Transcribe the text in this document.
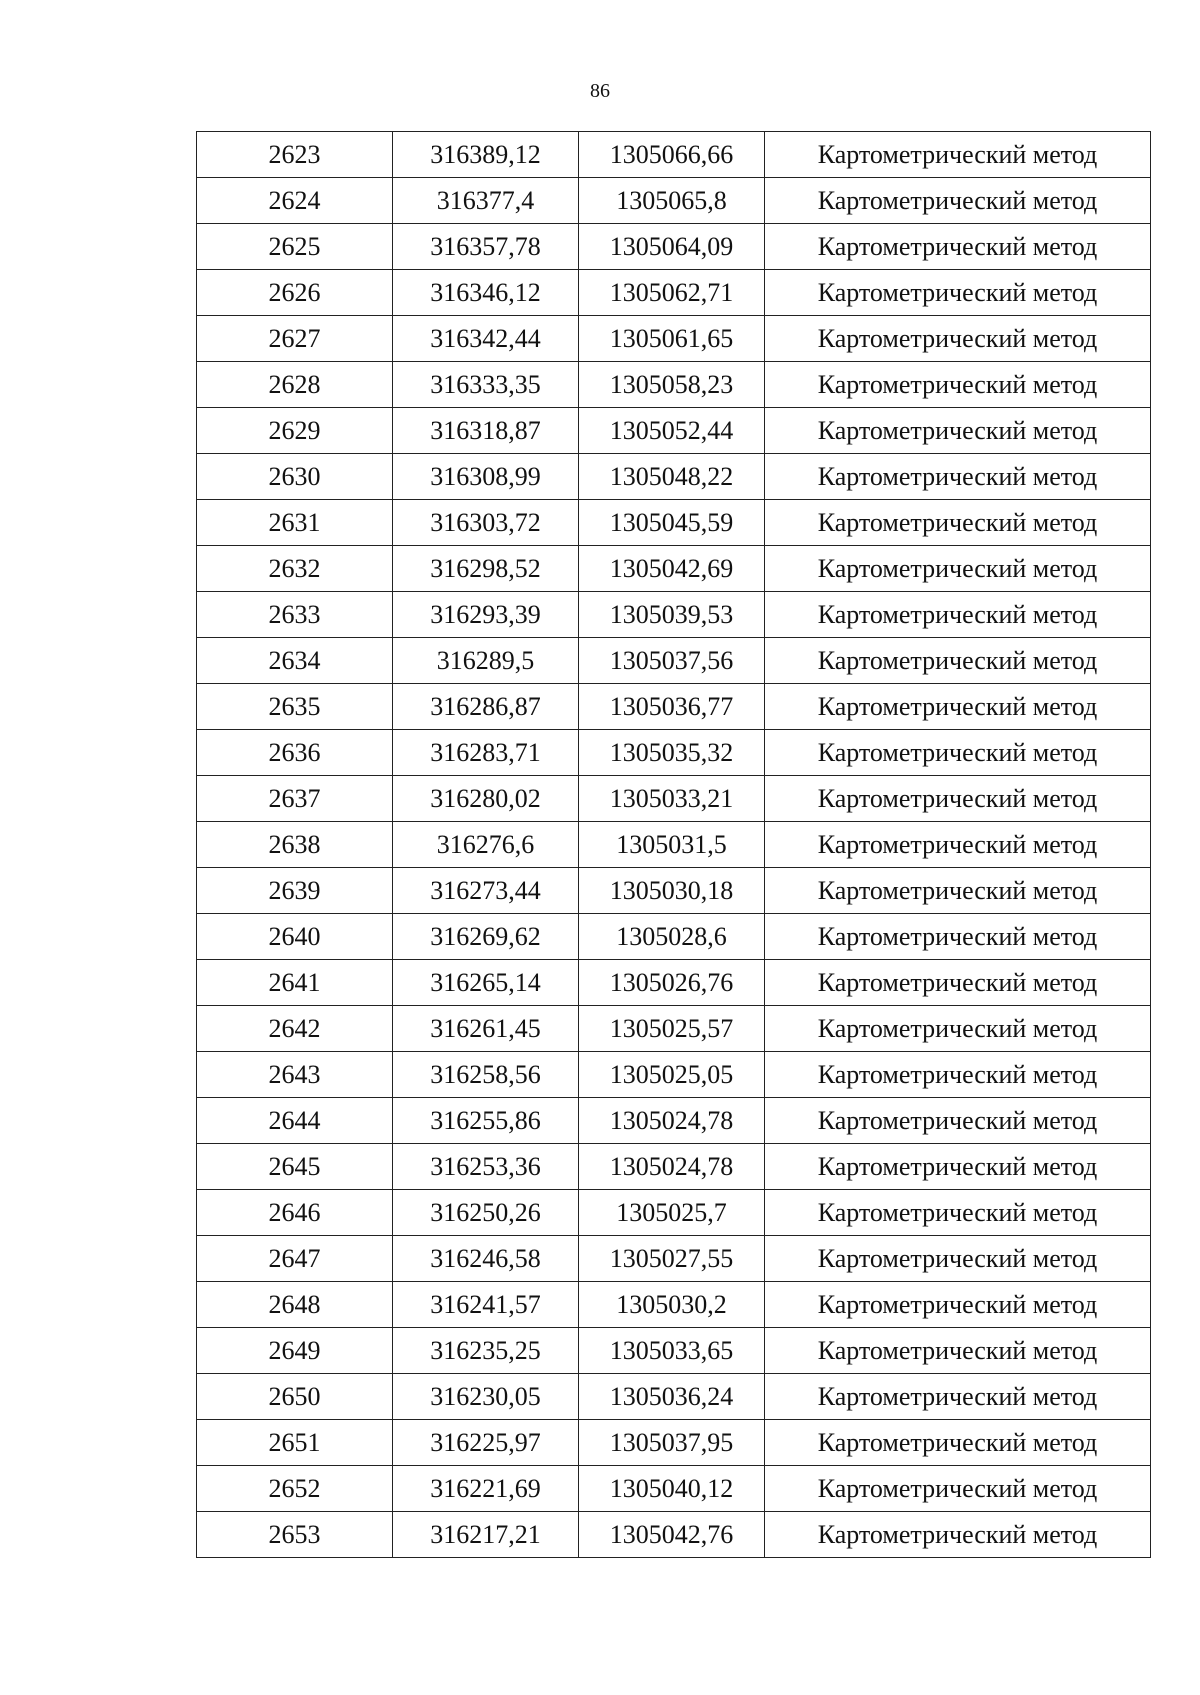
86
2623	316389,12	1305066,66	Картометрический метод
2624	316377,4	1305065,8	Картометрический метод
2625	316357,78	1305064,09	Картометрический метод
2626	316346,12	1305062,71	Картометрический метод
2627	316342,44	1305061,65	Картометрический метод
2628	316333,35	1305058,23	Картометрический метод
2629	316318,87	1305052,44	Картометрический метод
2630	316308,99	1305048,22	Картометрический метод
2631	316303,72	1305045,59	Картометрический метод
2632	316298,52	1305042,69	Картометрический метод
2633	316293,39	1305039,53	Картометрический метод
2634	316289,5	1305037,56	Картометрический метод
2635	316286,87	1305036,77	Картометрический метод
2636	316283,71	1305035,32	Картометрический метод
2637	316280,02	1305033,21	Картометрический метод
2638	316276,6	1305031,5	Картометрический метод
2639	316273,44	1305030,18	Картометрический метод
2640	316269,62	1305028,6	Картометрический метод
2641	316265,14	1305026,76	Картометрический метод
2642	316261,45	1305025,57	Картометрический метод
2643	316258,56	1305025,05	Картометрический метод
2644	316255,86	1305024,78	Картометрический метод
2645	316253,36	1305024,78	Картометрический метод
2646	316250,26	1305025,7	Картометрический метод
2647	316246,58	1305027,55	Картометрический метод
2648	316241,57	1305030,2	Картометрический метод
2649	316235,25	1305033,65	Картометрический метод
2650	316230,05	1305036,24	Картометрический метод
2651	316225,97	1305037,95	Картометрический метод
2652	316221,69	1305040,12	Картометрический метод
2653	316217,21	1305042,76	Картометрический метод
